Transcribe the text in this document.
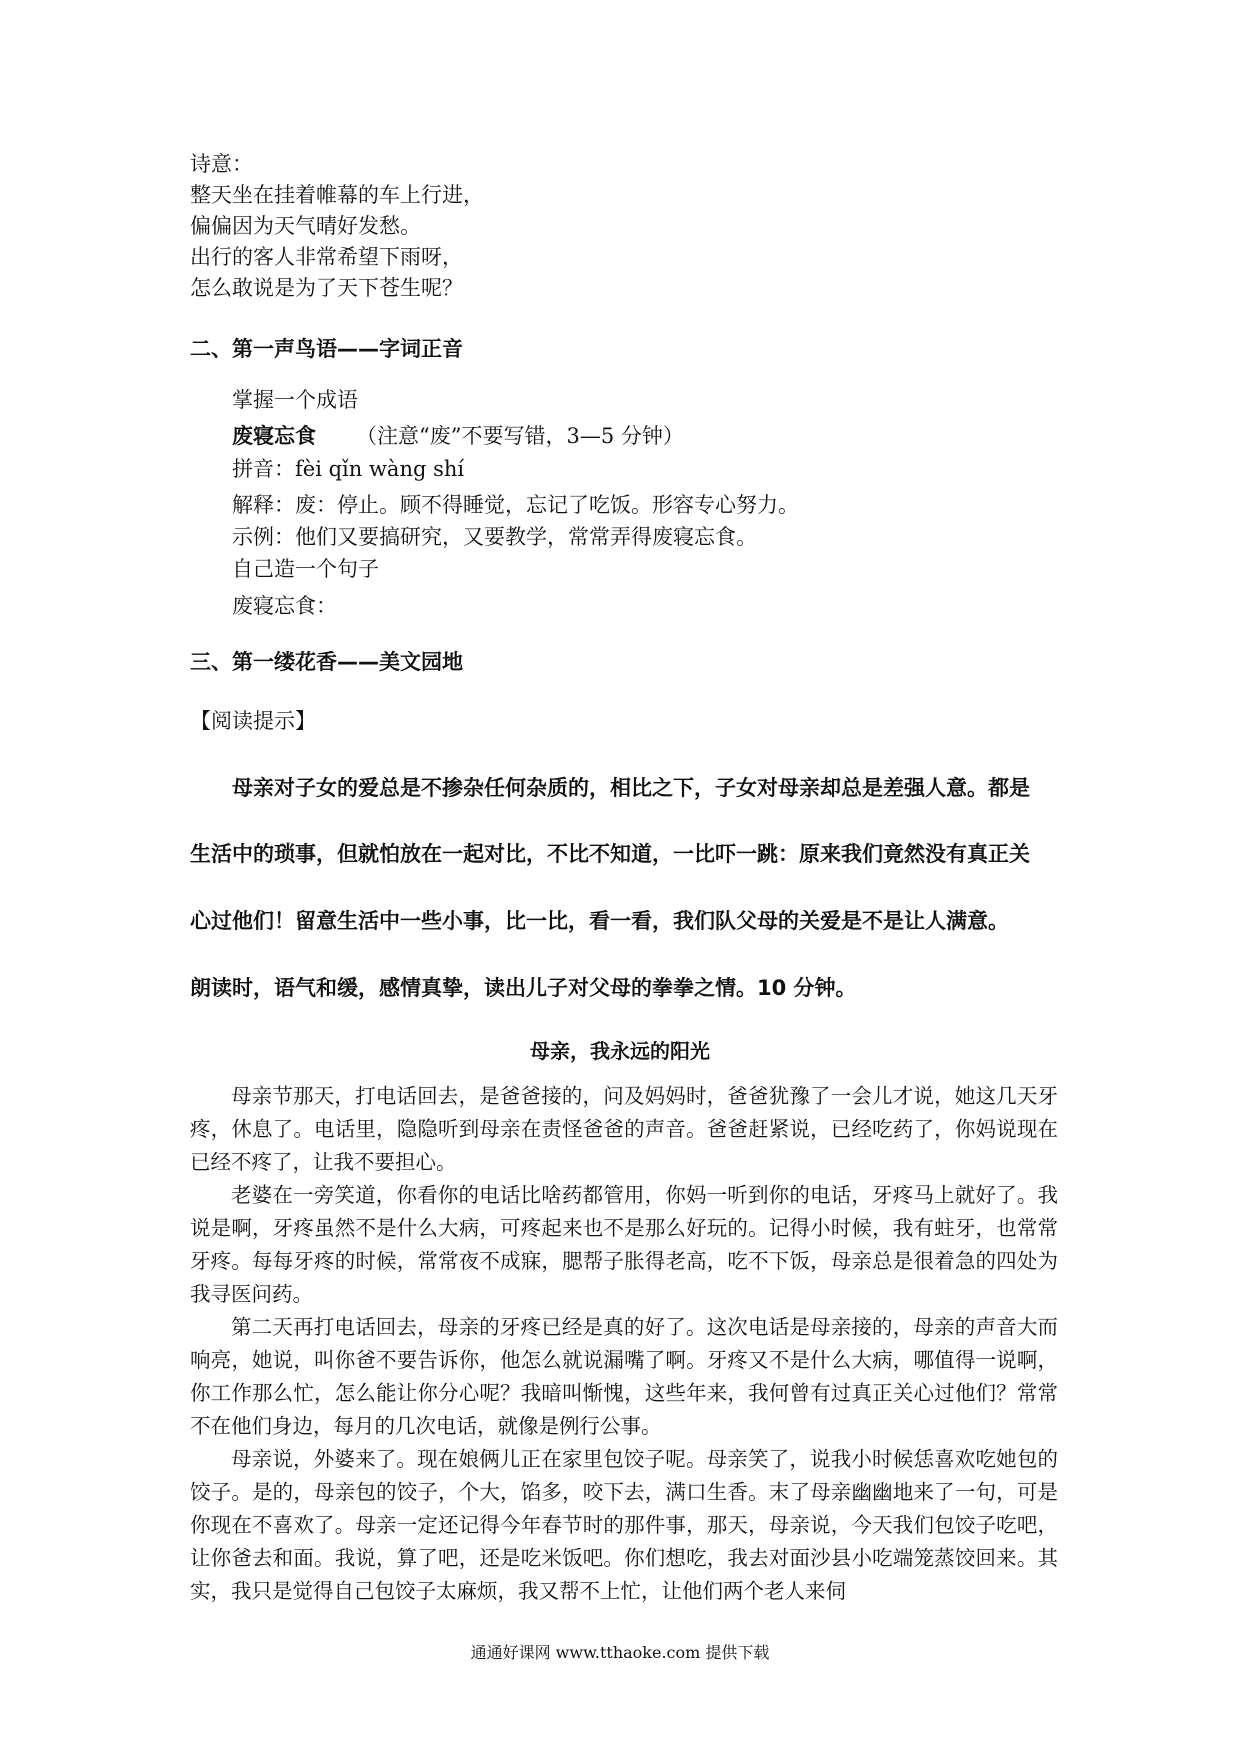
诗意：
整天坐在挂着帷幕的车上行进，
偏偏因为天气晴好发愁。
出行的客人非常希望下雨呀，
怎么敢说是为了天下苍生呢？
二、第一声鸟语——字词正音
掌握一个成语
废寝忘食 （注意“废”不要写错，3—5 分钟）
拼音：fèi qǐn wàng shí
解释：废：停止。顾不得睡觉，忘记了吃饭。形容专心努力。
示例：他们又要搞研究，又要教学，常常弄得废寝忘食。
自己造一个句子
废寝忘食：
三、第一缕花香——美文园地
【阅读提示】
母亲对子女的爱总是不掺杂任何杂质的，相比之下，子女对母亲却总是差强人意。都是
生活中的琐事，但就怕放在一起对比，不比不知道，一比吓一跳：原来我们竟然没有真正关
心过他们！留意生活中一些小事，比一比，看一看，我们队父母的关爱是不是让人满意。
朗读时，语气和缓，感情真挚，读出儿子对父母的拳拳之情。10 分钟。
母亲，我永远的阳光

母亲节那天，打电话回去，是爸爸接的，问及妈妈时，爸爸犹豫了一会儿才说，她这几天牙疼，休息了。电话里，隐隐听到母亲在责怪爸爸的声音。爸爸赶紧说，已经吃药了，你妈说现在已经不疼了，让我不要担心。

老婆在一旁笑道，你看你的电话比啥药都管用，你妈一听到你的电话，牙疼马上就好了。我说是啊，牙疼虽然不是什么大病，可疼起来也不是那么好玩的。记得小时候，我有蛀牙，也常常牙疼。每每牙疼的时候，常常夜不成寐，腮帮子胀得老高，吃不下饭，母亲总是很着急的四处为我寻医问药。

第二天再打电话回去，母亲的牙疼已经是真的好了。这次电话是母亲接的，母亲的声音大而响亮，她说，叫你爸不要告诉你，他怎么就说漏嘴了啊。牙疼又不是什么大病，哪值得一说啊，你工作那么忙，怎么能让你分心呢？我暗叫惭愧，这些年来，我何曾有过真正关心过他们？常常不在他们身边，每月的几次电话，就像是例行公事。

母亲说，外婆来了。现在娘俩儿正在家里包饺子呢。母亲笑了，说我小时候恁喜欢吃她包的饺子。是的，母亲包的饺子，个大，馅多，咬下去，满口生香。末了母亲幽幽地来了一句，可是你现在不喜欢了。母亲一定还记得今年春节时的那件事，那天，母亲说，今天我们包饺子吃吧，让你爸去和面。我说，算了吧，还是吃米饭吧。你们想吃，我去对面沙县小吃端笼蒸饺回来。其实，我只是觉得自己包饺子太麻烦，我又帮不上忙，让他们两个老人来伺

通通好课网 www.tthaoke.com 提供下载
